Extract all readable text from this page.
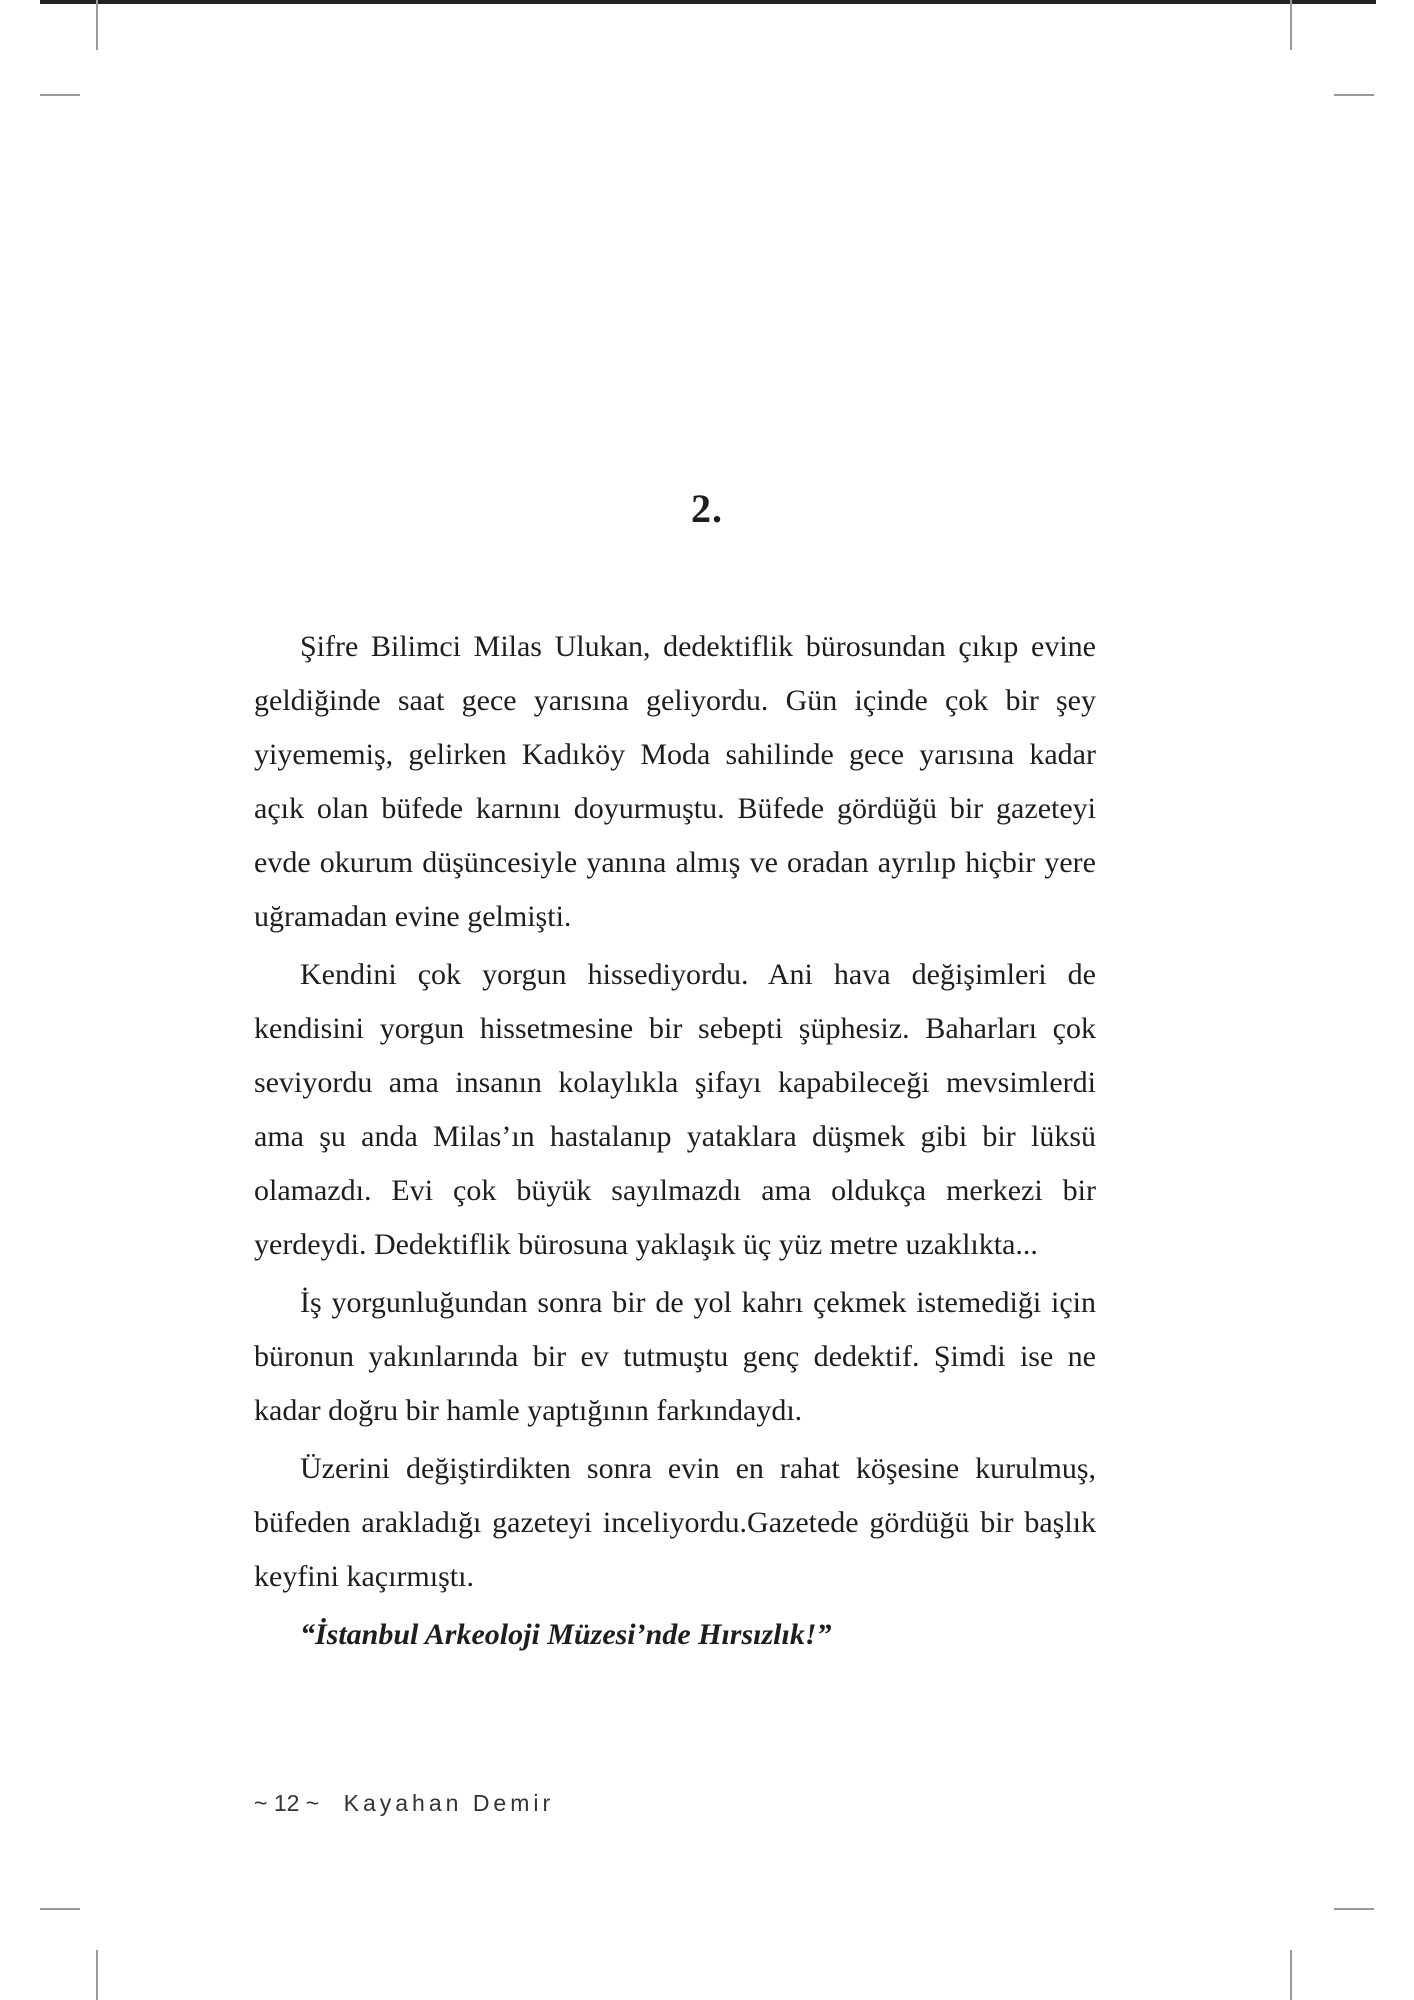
2.

Şifre Bilimci Milas Ulukan, dedektiflik bürosundan çıkıp evine geldiğinde saat gece yarısına geliyordu. Gün içinde çok bir şey yiyememiş, gelirken Kadıköy Moda sahilinde gece yarısına kadar açık olan büfede karnını doyurmuştu. Büfede gördüğü bir gazeteyi evde okurum düşüncesiyle yanına almış ve oradan ayrılıp hiçbir yere uğramadan evine gelmişti.

Kendini çok yorgun hissediyordu. Ani hava değişimleri de kendisini yorgun hissetmesine bir sebepti şüphesiz. Baharları çok seviyordu ama insanın kolaylıkla şifayı kapabileceği mevsimlerdi ama şu anda Milas’ın hastalanıp yataklara düşmek gibi bir lüksü olamazdı. Evi çok büyük sayılmazdı ama oldukça merkezi bir yerdeydi. Dedektiflik bürosuna yaklaşık üç yüz metre uzaklıkta...

İş yorgunluğundan sonra bir de yol kahrı çekmek istemediği için büronun yakınlarında bir ev tutmuştu genç dedektif. Şimdi ise ne kadar doğru bir hamle yaptığının farkındaydı.

Üzerini değiştirdikten sonra evin en rahat köşesine kurulmuş, büfeden arakladığı gazeteyi inceliyordu.Gazetede gördüğü bir başlık keyfini kaçırmıştı.

“İstanbul Arkeoloji Müzesi’nde Hırsızlık!”

~ 12 ~ Kayahan Demir
